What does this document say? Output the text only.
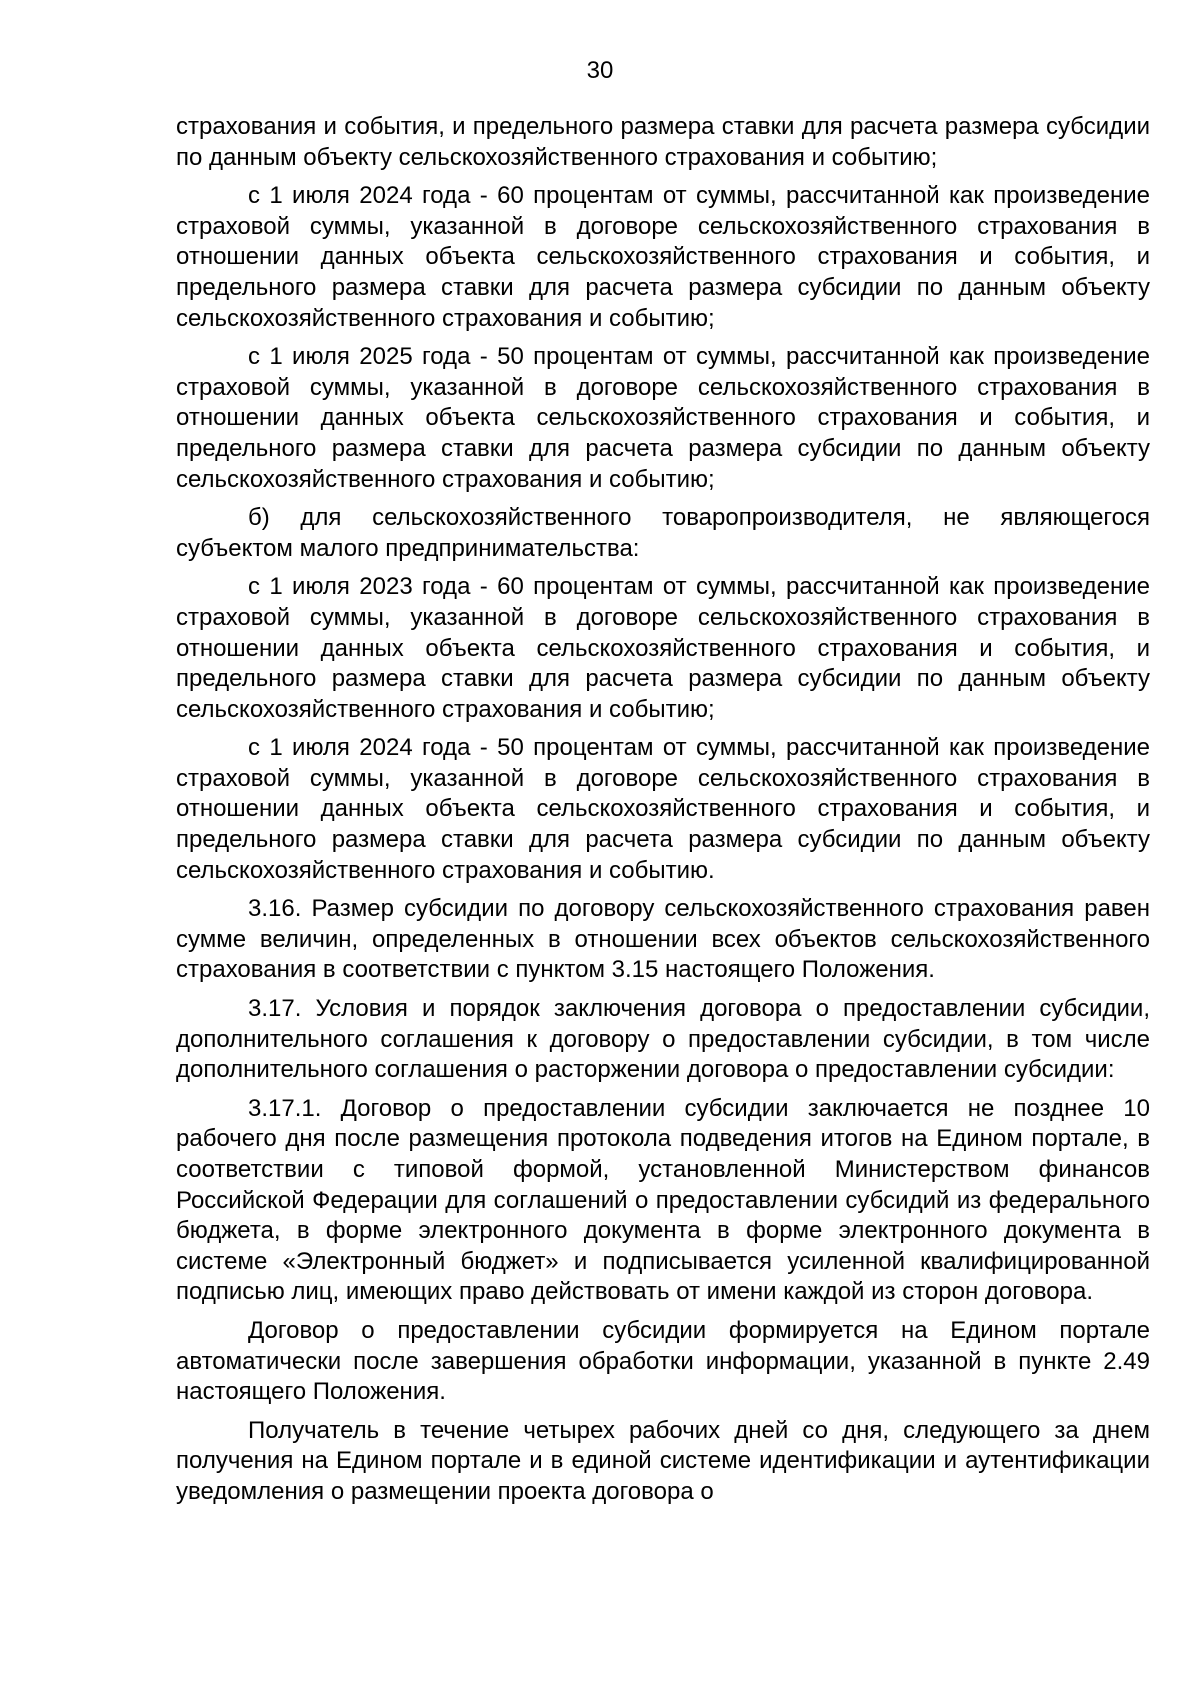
30

страхования и события, и предельного размера ставки для расчета размера субсидии по данным объекту сельскохозяйственного страхования и событию;

с 1 июля 2024 года - 60 процентам от суммы, рассчитанной как произведение страховой суммы, указанной в договоре сельскохозяйственного страхования в отношении данных объекта сельскохозяйственного страхования и события, и предельного размера ставки для расчета размера субсидии по данным объекту сельскохозяйственного страхования и событию;

с 1 июля 2025 года - 50 процентам от суммы, рассчитанной как произведение страховой суммы, указанной в договоре сельскохозяйственного страхования в отношении данных объекта сельскохозяйственного страхования и события, и предельного размера ставки для расчета размера субсидии по данным объекту сельскохозяйственного страхования и событию;

б) для сельскохозяйственного товаропроизводителя, не являющегося субъектом малого предпринимательства:

с 1 июля 2023 года - 60 процентам от суммы, рассчитанной как произведение страховой суммы, указанной в договоре сельскохозяйственного страхования в отношении данных объекта сельскохозяйственного страхования и события, и предельного размера ставки для расчета размера субсидии по данным объекту сельскохозяйственного страхования и событию;

с 1 июля 2024 года - 50 процентам от суммы, рассчитанной как произведение страховой суммы, указанной в договоре сельскохозяйственного страхования в отношении данных объекта сельскохозяйственного страхования и события, и предельного размера ставки для расчета размера субсидии по данным объекту сельскохозяйственного страхования и событию.

3.16. Размер субсидии по договору сельскохозяйственного страхования равен сумме величин, определенных в отношении всех объектов сельскохозяйственного страхования в соответствии с пунктом 3.15 настоящего Положения.

3.17. Условия и порядок заключения договора о предоставлении субсидии, дополнительного соглашения к договору о предоставлении субсидии, в том числе дополнительного соглашения о расторжении договора о предоставлении субсидии:

3.17.1. Договор о предоставлении субсидии заключается не позднее 10 рабочего дня после размещения протокола подведения итогов на Едином портале, в соответствии с типовой формой, установленной Министерством финансов Российской Федерации для соглашений о предоставлении субсидий из федерального бюджета, в форме электронного документа в форме электронного документа в системе «Электронный бюджет» и подписывается усиленной квалифицированной подписью лиц, имеющих право действовать от имени каждой из сторон договора.

Договор о предоставлении субсидии формируется на Едином портале автоматически после завершения обработки информации, указанной в пункте 2.49 настоящего Положения.

Получатель в течение четырех рабочих дней со дня, следующего за днем получения на Едином портале и в единой системе идентификации и аутентификации уведомления о размещении проекта договора о
